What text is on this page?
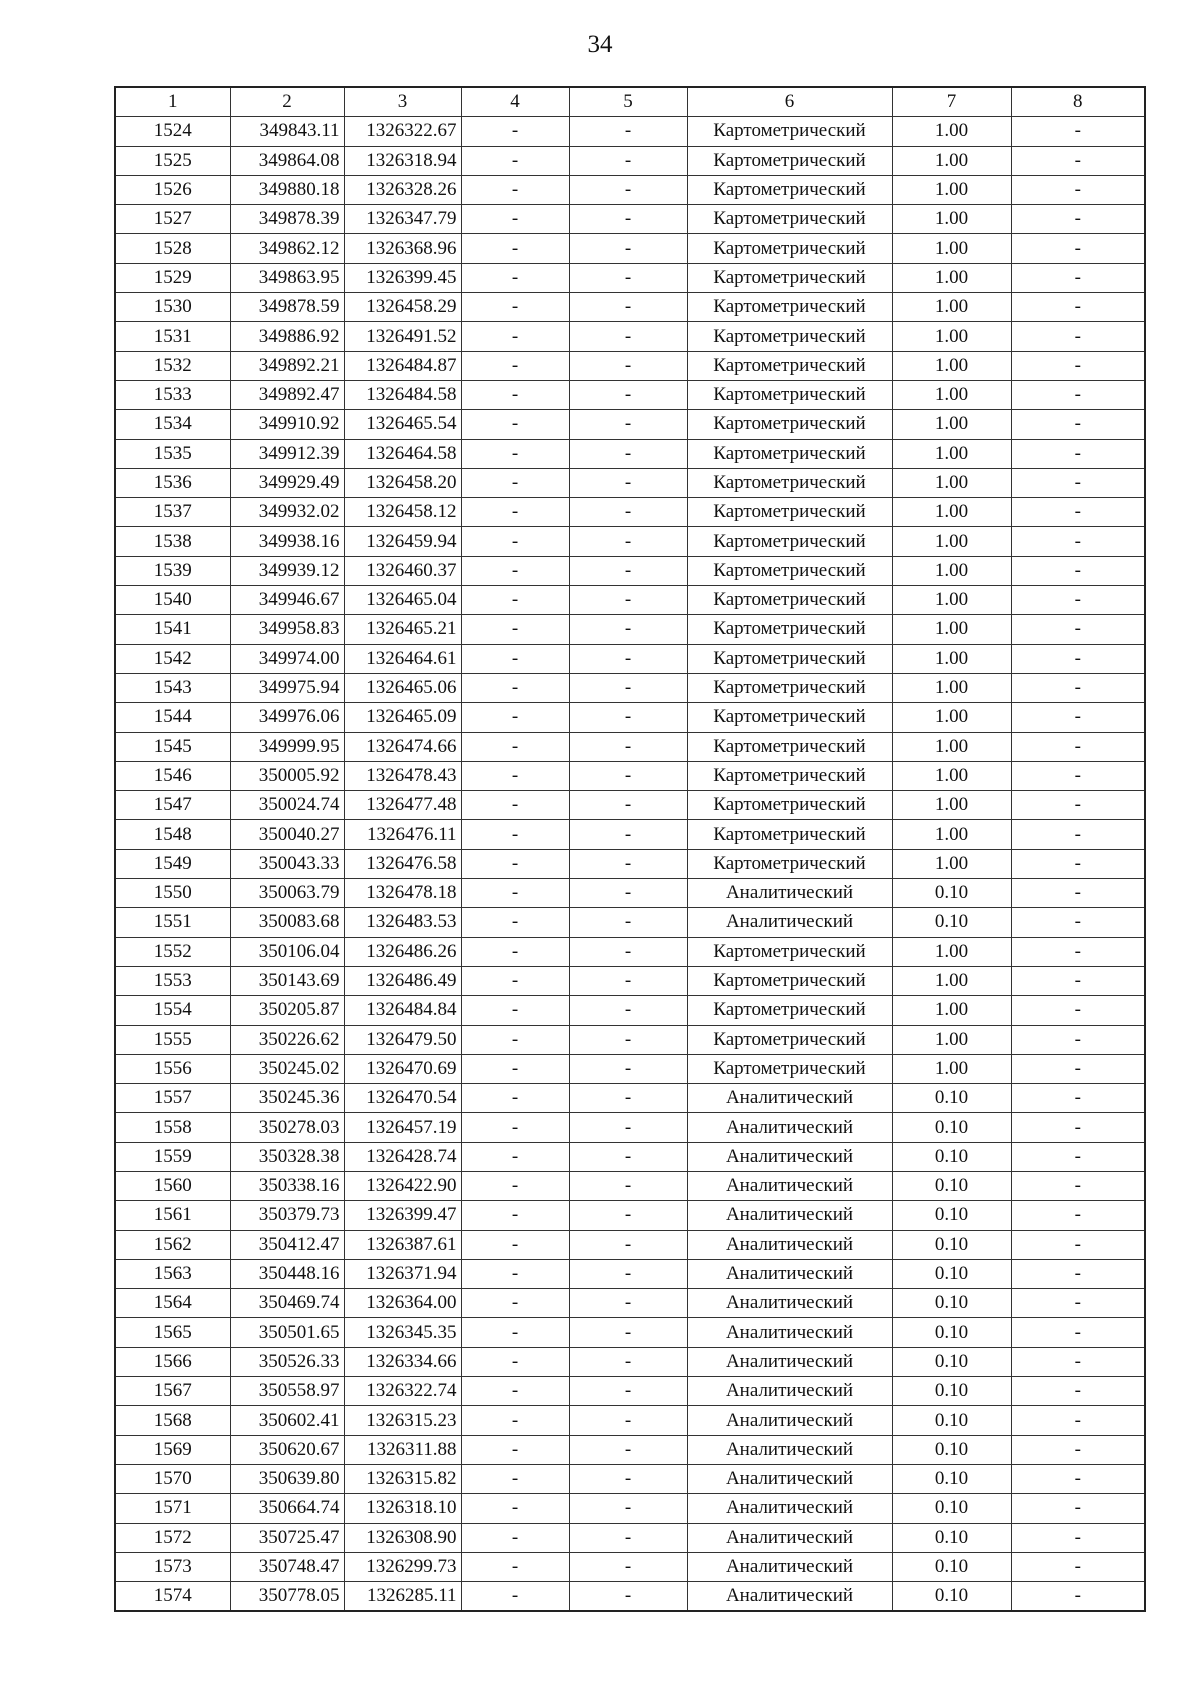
34
1	2	3	4	5	6	7	8
1524	349843.11	1326322.67	-	-	Картометрический	1.00	-
1525	349864.08	1326318.94	-	-	Картометрический	1.00	-
1526	349880.18	1326328.26	-	-	Картометрический	1.00	-
1527	349878.39	1326347.79	-	-	Картометрический	1.00	-
1528	349862.12	1326368.96	-	-	Картометрический	1.00	-
1529	349863.95	1326399.45	-	-	Картометрический	1.00	-
1530	349878.59	1326458.29	-	-	Картометрический	1.00	-
1531	349886.92	1326491.52	-	-	Картометрический	1.00	-
1532	349892.21	1326484.87	-	-	Картометрический	1.00	-
1533	349892.47	1326484.58	-	-	Картометрический	1.00	-
1534	349910.92	1326465.54	-	-	Картометрический	1.00	-
1535	349912.39	1326464.58	-	-	Картометрический	1.00	-
1536	349929.49	1326458.20	-	-	Картометрический	1.00	-
1537	349932.02	1326458.12	-	-	Картометрический	1.00	-
1538	349938.16	1326459.94	-	-	Картометрический	1.00	-
1539	349939.12	1326460.37	-	-	Картометрический	1.00	-
1540	349946.67	1326465.04	-	-	Картометрический	1.00	-
1541	349958.83	1326465.21	-	-	Картометрический	1.00	-
1542	349974.00	1326464.61	-	-	Картометрический	1.00	-
1543	349975.94	1326465.06	-	-	Картометрический	1.00	-
1544	349976.06	1326465.09	-	-	Картометрический	1.00	-
1545	349999.95	1326474.66	-	-	Картометрический	1.00	-
1546	350005.92	1326478.43	-	-	Картометрический	1.00	-
1547	350024.74	1326477.48	-	-	Картометрический	1.00	-
1548	350040.27	1326476.11	-	-	Картометрический	1.00	-
1549	350043.33	1326476.58	-	-	Картометрический	1.00	-
1550	350063.79	1326478.18	-	-	Аналитический	0.10	-
1551	350083.68	1326483.53	-	-	Аналитический	0.10	-
1552	350106.04	1326486.26	-	-	Картометрический	1.00	-
1553	350143.69	1326486.49	-	-	Картометрический	1.00	-
1554	350205.87	1326484.84	-	-	Картометрический	1.00	-
1555	350226.62	1326479.50	-	-	Картометрический	1.00	-
1556	350245.02	1326470.69	-	-	Картометрический	1.00	-
1557	350245.36	1326470.54	-	-	Аналитический	0.10	-
1558	350278.03	1326457.19	-	-	Аналитический	0.10	-
1559	350328.38	1326428.74	-	-	Аналитический	0.10	-
1560	350338.16	1326422.90	-	-	Аналитический	0.10	-
1561	350379.73	1326399.47	-	-	Аналитический	0.10	-
1562	350412.47	1326387.61	-	-	Аналитический	0.10	-
1563	350448.16	1326371.94	-	-	Аналитический	0.10	-
1564	350469.74	1326364.00	-	-	Аналитический	0.10	-
1565	350501.65	1326345.35	-	-	Аналитический	0.10	-
1566	350526.33	1326334.66	-	-	Аналитический	0.10	-
1567	350558.97	1326322.74	-	-	Аналитический	0.10	-
1568	350602.41	1326315.23	-	-	Аналитический	0.10	-
1569	350620.67	1326311.88	-	-	Аналитический	0.10	-
1570	350639.80	1326315.82	-	-	Аналитический	0.10	-
1571	350664.74	1326318.10	-	-	Аналитический	0.10	-
1572	350725.47	1326308.90	-	-	Аналитический	0.10	-
1573	350748.47	1326299.73	-	-	Аналитический	0.10	-
1574	350778.05	1326285.11	-	-	Аналитический	0.10	-
